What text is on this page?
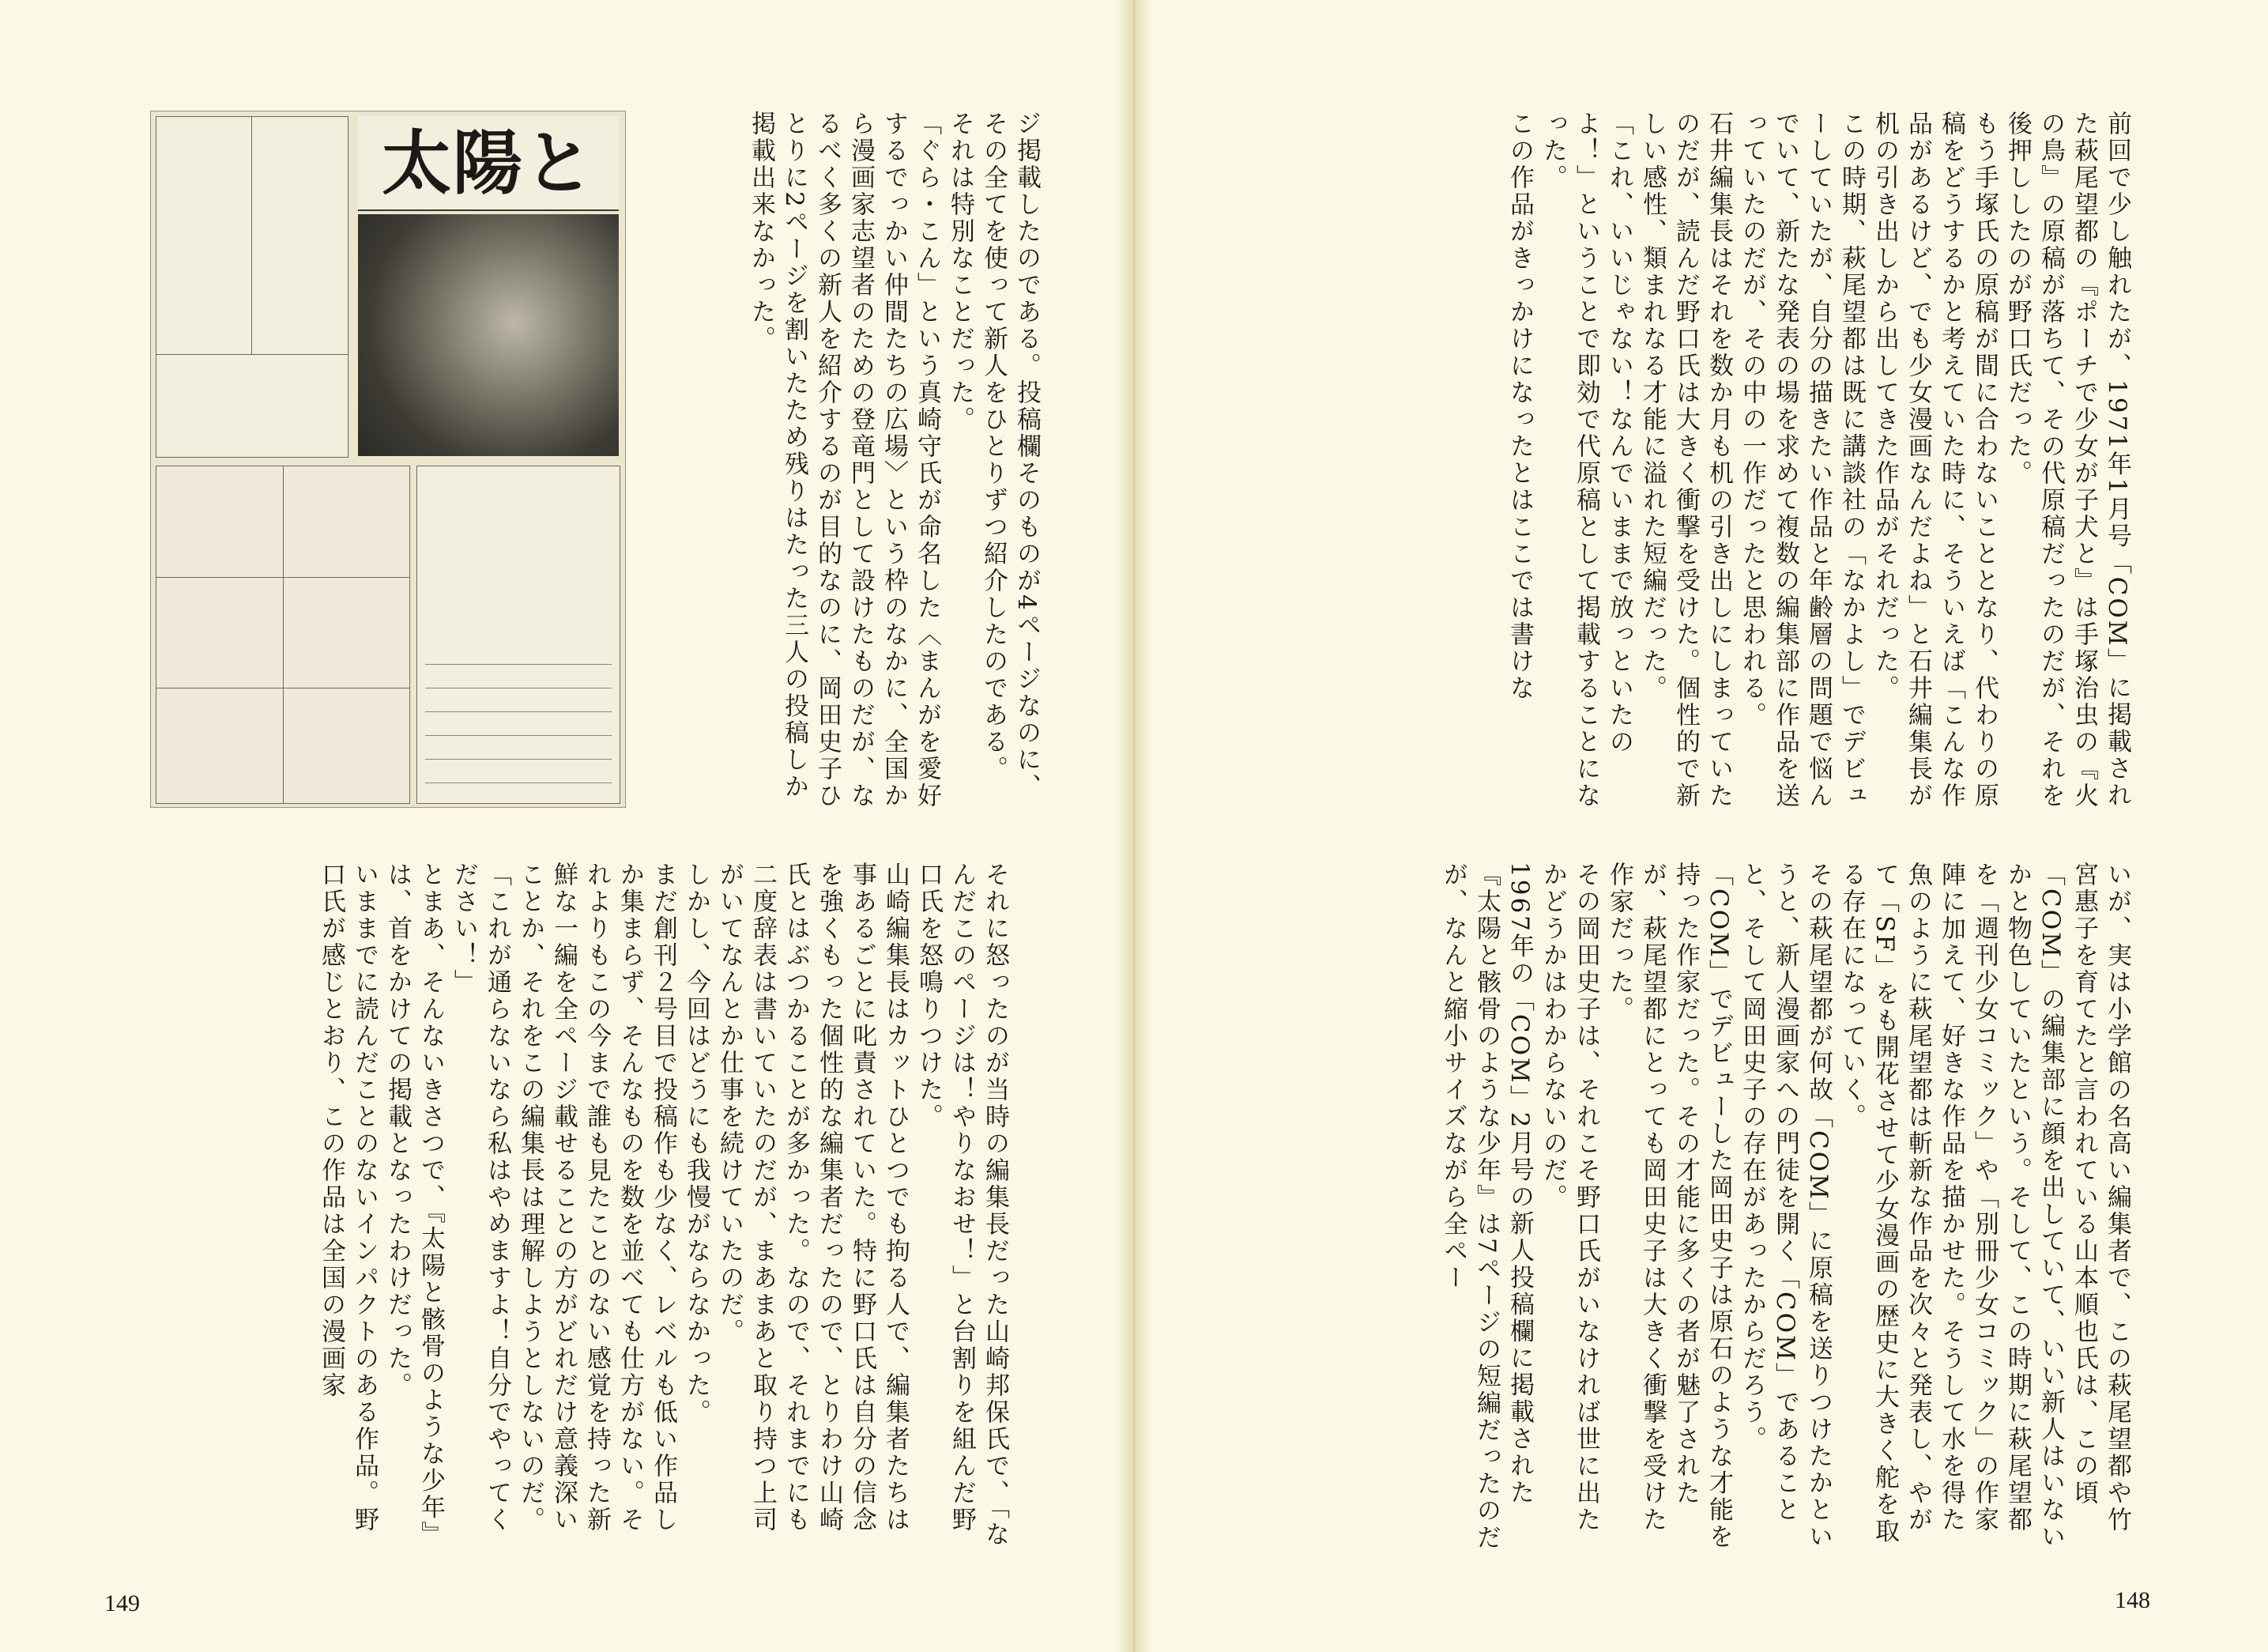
太陽と	ジ掲載したのである。投稿欄そのものが4ページなのに、その全てを使って新人をひとりずつ紹介したのである。

それは特別なことだった。

「ぐら・こん」という真崎守氏が命名した〈まんがを愛好するでっかい仲間たちの広場〉という枠のなかに、全国から漫画家志望者のための登竜門として設けたものだが、なるべく多くの新人を紹介するのが目的なのに、岡田史子ひとりに2ページを割いたため残りはたった三人の投稿しか掲載出来なかった。

それに怒ったのが当時の編集長だった山崎邦保氏で、「なんだこのページは！やりなおせ！」と台割りを組んだ野口氏を怒鳴りつけた。

山崎編集長はカットひとつでも拘る人で、編集者たちは事あるごとに叱責されていた。特に野口氏は自分の信念を強くもった個性的な編集者だったので、とりわけ山崎氏とはぶつかることが多かった。なので、それまでにも二度辞表は書いていたのだが、まあまあと取り持つ上司がいてなんとか仕事を続けていたのだ。

しかし、今回はどうにも我慢がならなかった。

まだ創刊２号目で投稿作も少なく、レベルも低い作品しか集まらず、そんなものを数を並べても仕方がない。それよりもこの今まで誰も見たことのない感覚を持った新鮮な一編を全ページ載せることの方がどれだけ意義深いことか、それをこの編集長は理解しようとしないのだ。

「これが通らないなら私はやめますよ！自分でやってください！」

とまあ、そんないきさつで、『太陽と骸骨のような少年』は、首をかけての掲載となったわけだった。

いままでに読んだことのないインパクトのある作品。野口氏が感じとおり、この作品は全国の漫画家

149

前回で少し触れたが、1971年1月号「COM」に掲載された萩尾望都の『ポーチで少女が子犬と』は手塚治虫の『火の鳥』の原稿が落ちて、その代原稿だったのだが、それを後押ししたのが野口氏だった。

もう手塚氏の原稿が間に合わないこととなり、代わりの原稿をどうするかと考えていた時に、そういえば「こんな作品があるけど、でも少女漫画なんだよね」と石井編集長が机の引き出しから出してきた作品がそれだった。

この時期、萩尾望都は既に講談社の「なかよし」でデビューしていたが、自分の描きたい作品と年齢層の問題で悩んでいて、新たな発表の場を求めて複数の編集部に作品を送っていたのだが、その中の一作だったと思われる。

石井編集長はそれを数か月も机の引き出しにしまっていたのだが、読んだ野口氏は大きく衝撃を受けた。個性的で新しい感性、類まれなる才能に溢れた短編だった。

「これ、いいじゃない！なんでいままで放っといたのよ！」ということで即効で代原稿として掲載することになった。

この作品がきっかけになったとはここでは書けな

いが、実は小学館の名高い編集者で、この萩尾望都や竹宮惠子を育てたと言われている山本順也氏は、この頃「COM」の編集部に顔を出していて、いい新人はいないかと物色していたという。そして、この時期に萩尾望都を「週刊少女コミック」や「別冊少女コミック」の作家陣に加えて、好きな作品を描かせた。そうして水を得た魚のように萩尾望都は斬新な作品を次々と発表し、やがて「SF」をも開花させて少女漫画の歴史に大きく舵を取る存在になっていく。

その萩尾望都が何故「COM」に原稿を送りつけたかというと、新人漫画家への門徒を開く「COM」であることと、そして岡田史子の存在があったからだろう。

「COM」でデビューした岡田史子は原石のような才能を持った作家だった。その才能に多くの者が魅了されたが、萩尾望都にとっても岡田史子は大きく衝撃を受けた作家だった。

その岡田史子は、それこそ野口氏がいなければ世に出たかどうかはわからないのだ。

1967年の「COM」2月号の新人投稿欄に掲載された『太陽と骸骨のような少年』は7ページの短編だったのだが、なんと縮小サイズながら全ペー

148
